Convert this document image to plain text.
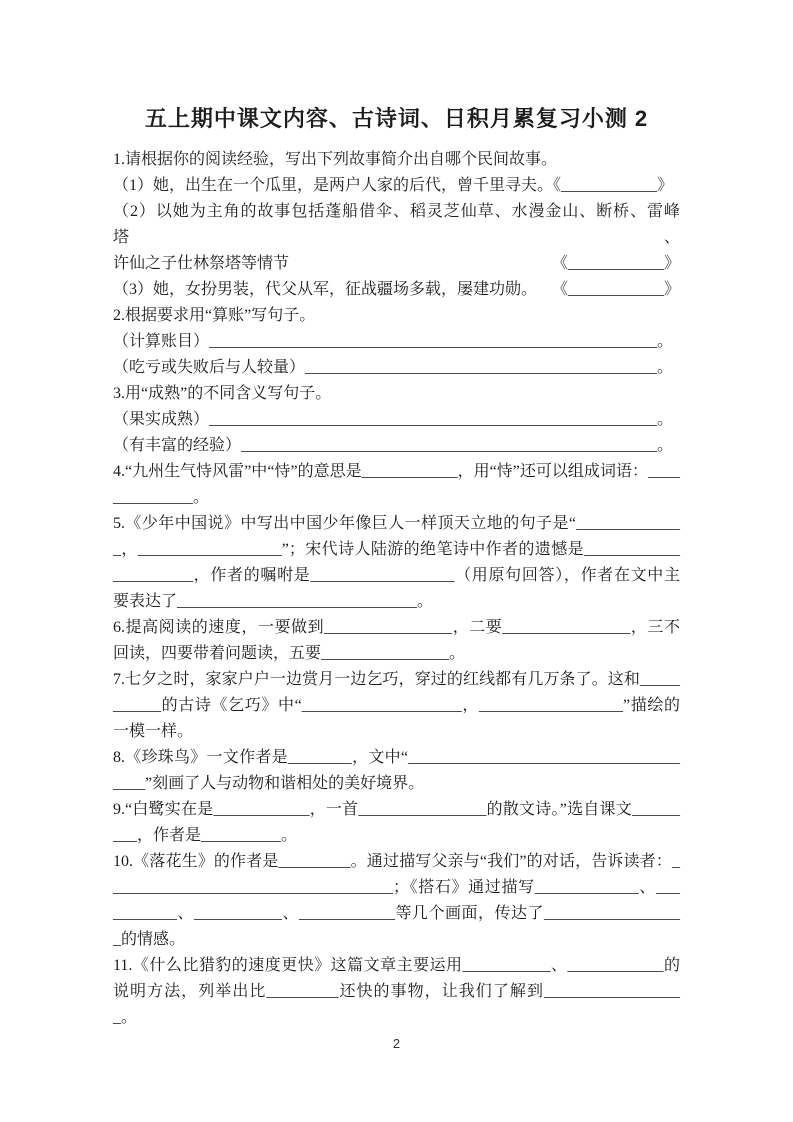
五上期中课文内容、古诗词、日积月累复习小测 2

1.请根据你的阅读经验，写出下列故事简介出自哪个民间故事。

（1）她，出生在一个瓜里，是两户人家的后代，曾千里寻夫。《____________》

（2）以她为主角的故事包括蓬船借伞、稻灵芝仙草、水漫金山、断桥、雷峰塔、

许仙之子仕林祭塔等情节	《____________》
（3）她，女扮男装，代父从军，征战疆场多载，屡建功勋。 《____________》

2.根据要求用“算账”写句子。

（计算账目）________________________________________________________。

（吃亏或失败后与人较量）____________________________________________。

3.用“成熟”的不同含义写句子。

（果实成熟）________________________________________________________。

（有丰富的经验）____________________________________________________。

4.“九州生气恃风雷”中“恃”的意思是____________，用“恃”还可以组成词语：______________。

5.《少年中国说》中写出中国少年像巨人一样顶天立地的句子是“______________，__________________”；宋代诗人陆游的绝笔诗中作者的遗憾是______________________，作者的嘱咐是__________________（用原句回答），作者在文中主要表达了______________________________。

6.提高阅读的速度，一要做到________________，二要________________，三不回读，四要带着问题读，五要________________。

7.七夕之时，家家户户一边赏月一边乞巧，穿过的红线都有几万条了。这和___________的古诗《乞巧》中“____________________，__________________”描绘的一模一样。

8.《珍珠鸟》一文作者是________，文中“______________________________________”刻画了人与动物和谐相处的美好境界。

9.“白鹭实在是____________，一首________________的散文诗。”选自课文_________，作者是__________。

10.《落花生》的作者是_________。通过描写父亲与“我们”的对话，告诉读者：____________________________________；《搭石》通过描写_____________、___________、___________、____________等几个画面，传达了__________________的情感。

11.《什么比猎豹的速度更快》这篇文章主要运用___________、____________的说明方法，列举出比_________还快的事物，让我们了解到__________________。

2
